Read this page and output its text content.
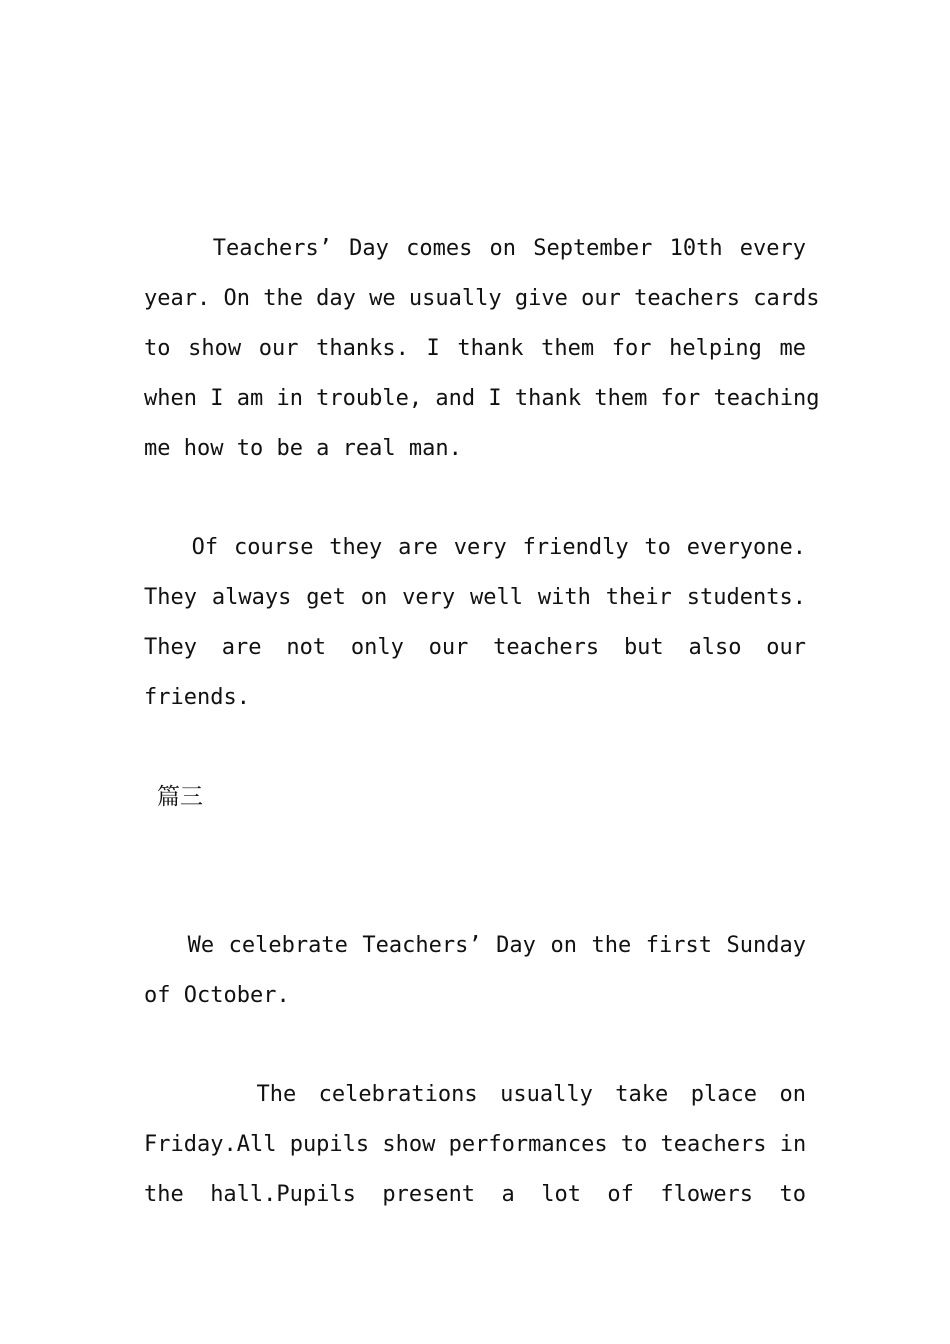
Teachers’ Day comes on September 10th every
year. On the day we usually give our teachers cards
to show our thanks. I thank them for helping me
when I am in trouble, and I thank them for teaching
me how to be a real man.
Of course they are very friendly to everyone.
They always get on very well with their students.
They are not only our teachers but also our
friends.
篇三
We celebrate Teachers’ Day on the first Sunday
of October.
The celebrations usually take place on
Friday.All pupils show performances to teachers in
the hall.Pupils present a lot of flowers to
